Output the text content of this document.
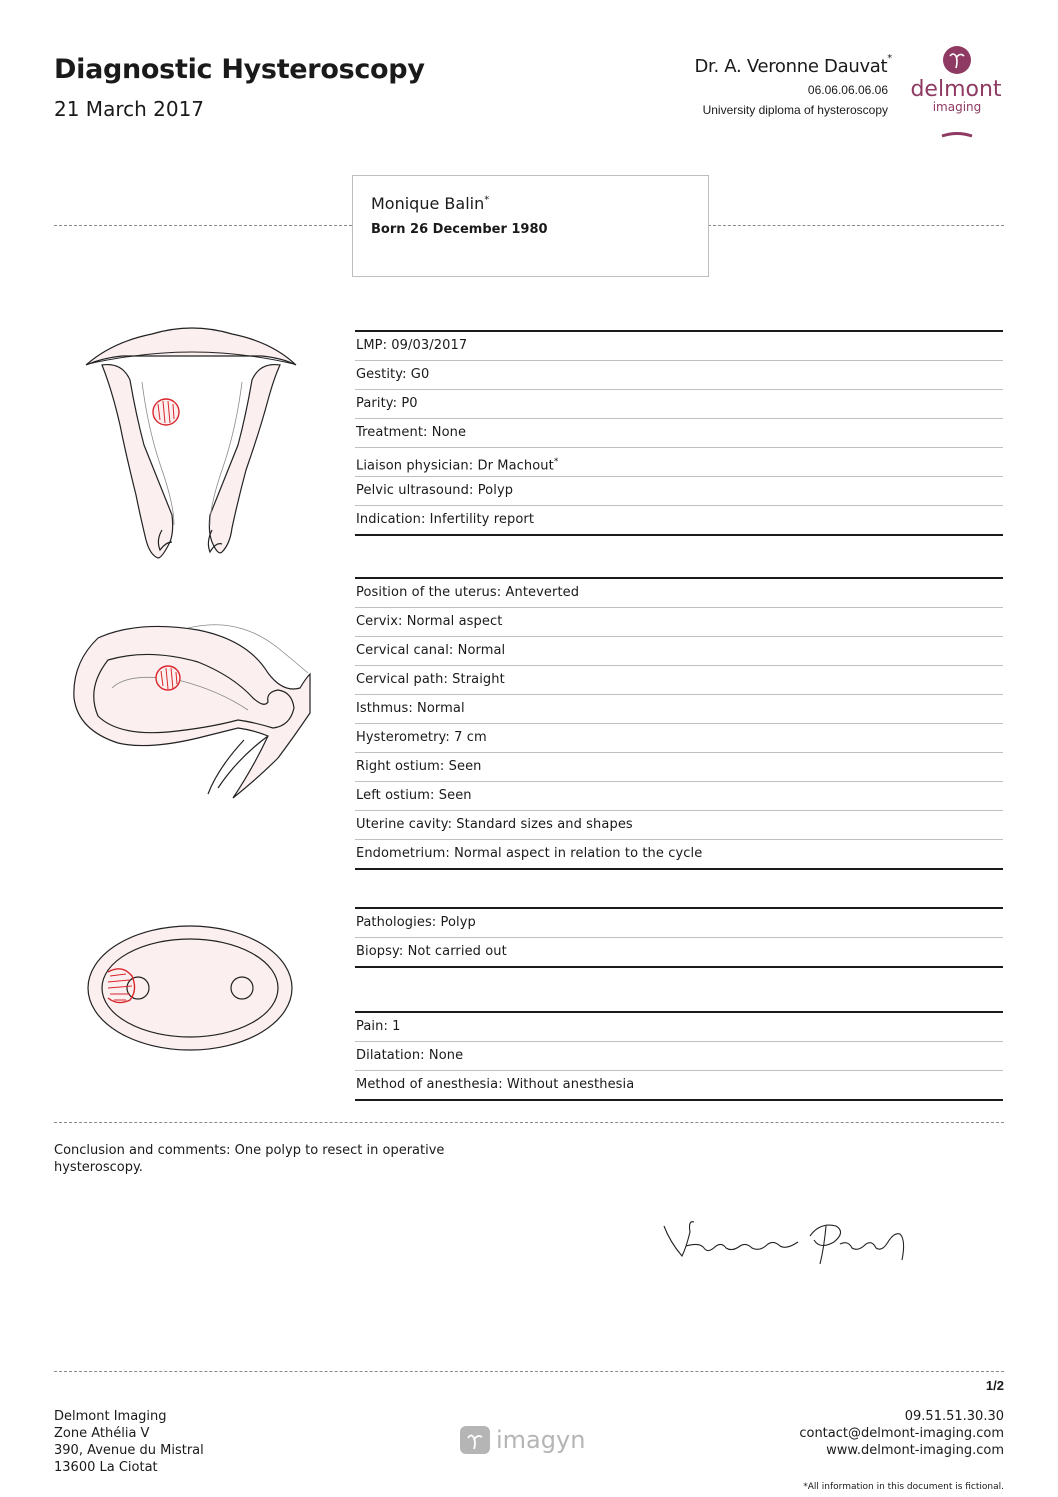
Diagnostic Hysteroscopy
21 March 2017
Dr. A. Veronne Dauvat*
06.06.06.06.06
University diploma of hysteroscopy
delmont
imaging
Monique Balin*
Born 26 December 1980
LMP: 09/03/2017
Gestity: G0
Parity: P0
Treatment: None
Liaison physician: Dr Machout*
Pelvic ultrasound: Polyp
Indication: Infertility report
Position of the uterus: Anteverted
Cervix: Normal aspect
Cervical canal: Normal
Cervical path: Straight
Isthmus: Normal
Hysterometry: 7 cm
Right ostium: Seen
Left ostium: Seen
Uterine cavity: Standard sizes and shapes
Endometrium: Normal aspect in relation to the cycle
Pathologies: Polyp
Biopsy: Not carried out
Pain: 1
Dilatation: None
Method of anesthesia: Without anesthesia
Conclusion and comments: One polyp to resect in operative hysteroscopy.
1/2
Delmont Imaging
Zone Athélia V
390, Avenue du Mistral
13600 La Ciotat
imagyn
09.51.51.30.30
contact@delmont-imaging.com
www.delmont-imaging.com
*All information in this document is fictional.
